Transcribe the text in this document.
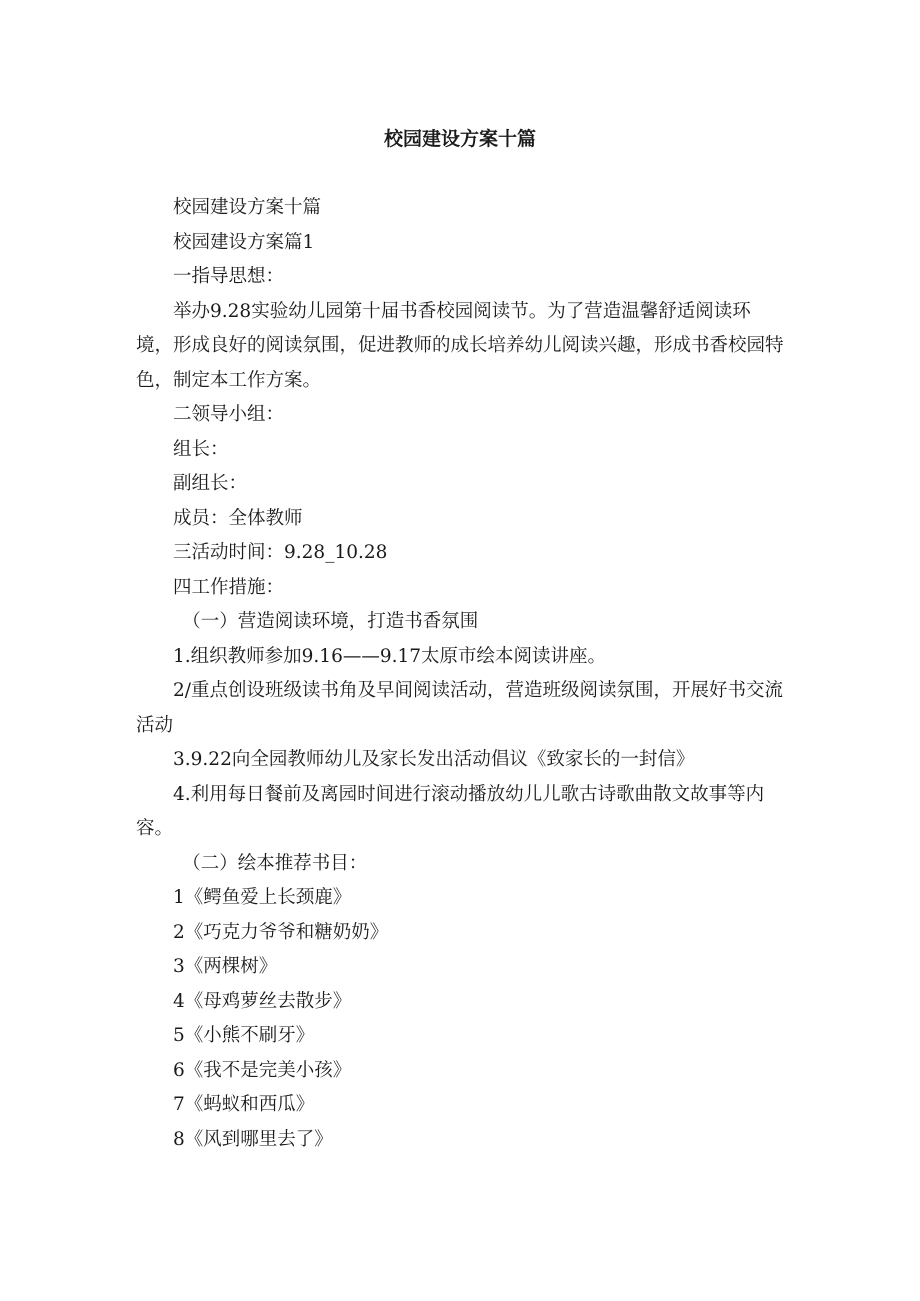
校园建设方案十篇

校园建设方案十篇

校园建设方案篇1

一指导思想：

举办9.28实验幼儿园第十届书香校园阅读节。为了营造温馨舒适阅读环境，形成良好的阅读氛围，促进教师的成长培养幼儿阅读兴趣，形成书香校园特色，制定本工作方案。

二领导小组：

组长：

副组长：

成员：全体教师

三活动时间：9.28_10.28

四工作措施：

（一）营造阅读环境，打造书香氛围

1.组织教师参加9.16——9.17太原市绘本阅读讲座。

2/重点创设班级读书角及早间阅读活动，营造班级阅读氛围，开展好书交流活动

3.9.22向全园教师幼儿及家长发出活动倡议《致家长的一封信》

4.利用每日餐前及离园时间进行滚动播放幼儿儿歌古诗歌曲散文故事等内容。

（二）绘本推荐书目：

1《鳄鱼爱上长颈鹿》

2《巧克力爷爷和糖奶奶》

3《两棵树》

4《母鸡萝丝去散步》

5《小熊不刷牙》

6《我不是完美小孩》

7《蚂蚁和西瓜》

8《风到哪里去了》
